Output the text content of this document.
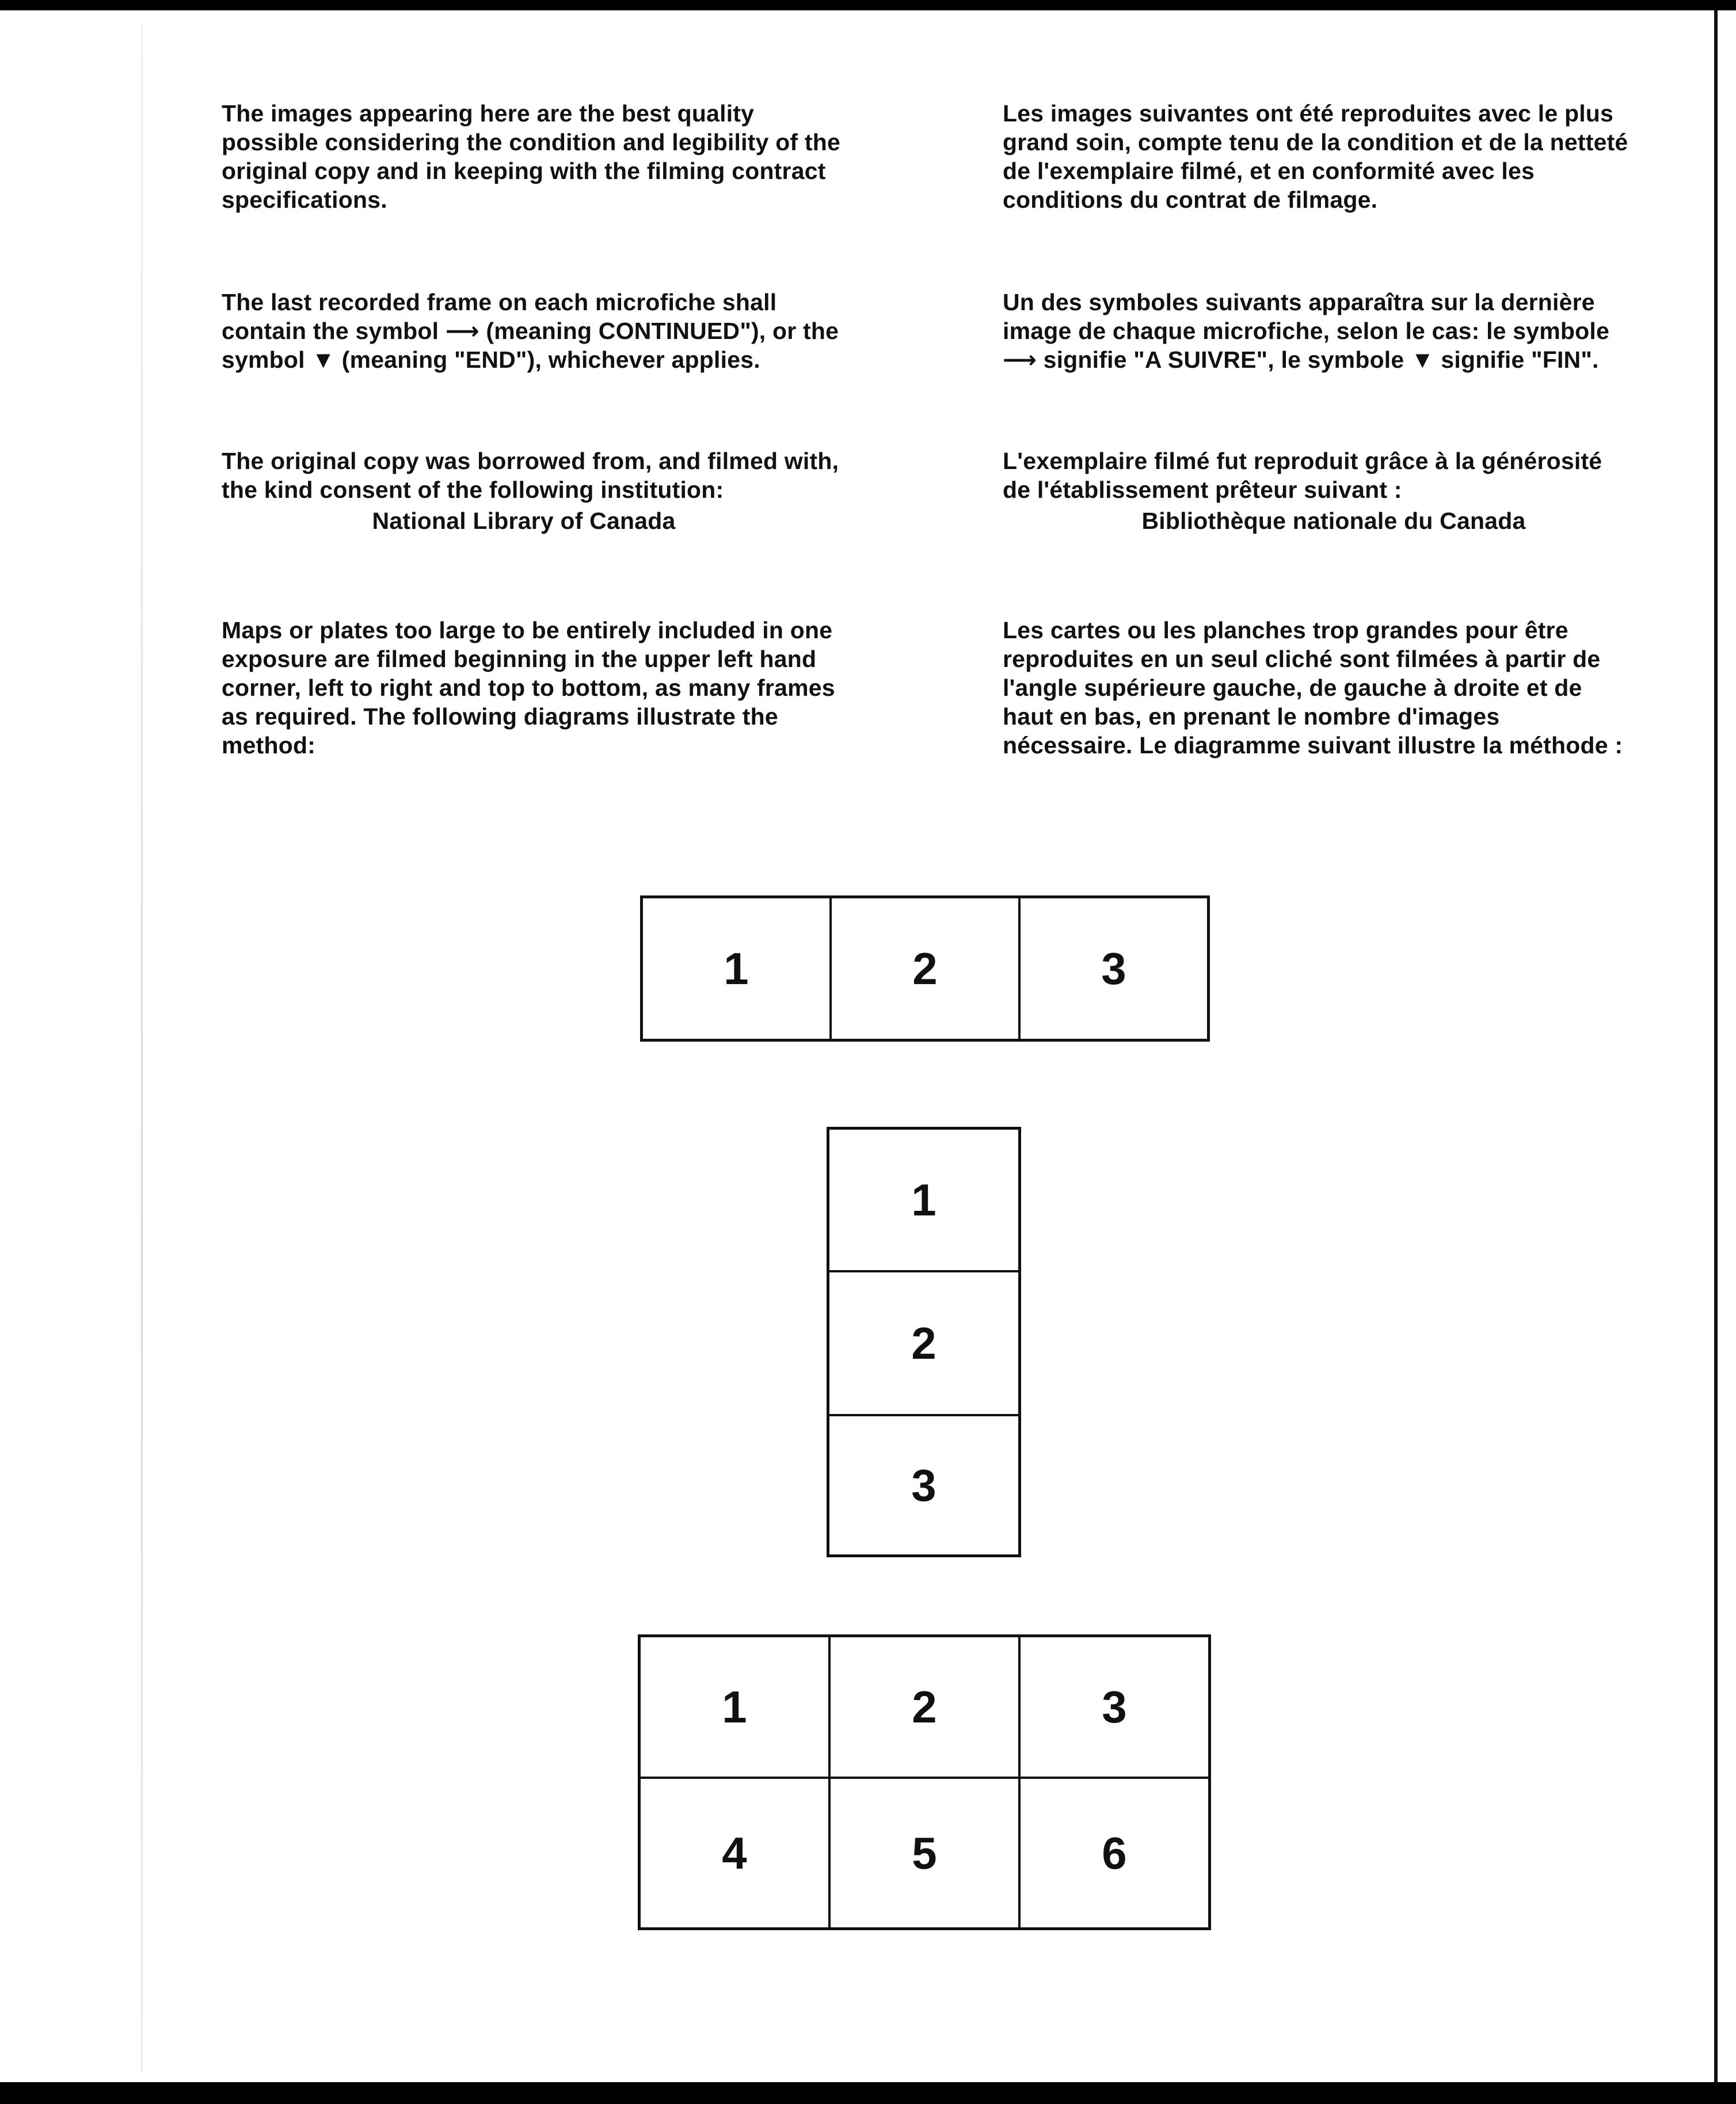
The images appearing here are the best quality possible considering the condition and legibility of the original copy and in keeping with the filming contract specifications.

The last recorded frame on each microfiche shall contain the symbol ⟶ (meaning CONTINUED"), or the symbol ▼ (meaning "END"), whichever applies.

The original copy was borrowed from, and filmed with, the kind consent of the following institution:

National Library of Canada

Maps or plates too large to be entirely included in one exposure are filmed beginning in the upper left hand corner, left to right and top to bottom, as many frames as required. The following diagrams illustrate the method:

Les images suivantes ont été reproduites avec le plus grand soin, compte tenu de la condition et de la netteté de l'exemplaire filmé, et en conformité avec les conditions du contrat de filmage.

Un des symboles suivants apparaîtra sur la dernière image de chaque microfiche, selon le cas: le symbole ⟶ signifie "A SUIVRE", le symbole ▼ signifie "FIN".

L'exemplaire filmé fut reproduit grâce à la générosité de l'établissement prêteur suivant :

Bibliothèque nationale du Canada

Les cartes ou les planches trop grandes pour être reproduites en un seul cliché sont filmées à partir de l'angle supérieure gauche, de gauche à droite et de haut en bas, en prenant le nombre d'images nécessaire. Le diagramme suivant illustre la méthode :

1	2	3
1
2
3
1	2	3
4	5	6
